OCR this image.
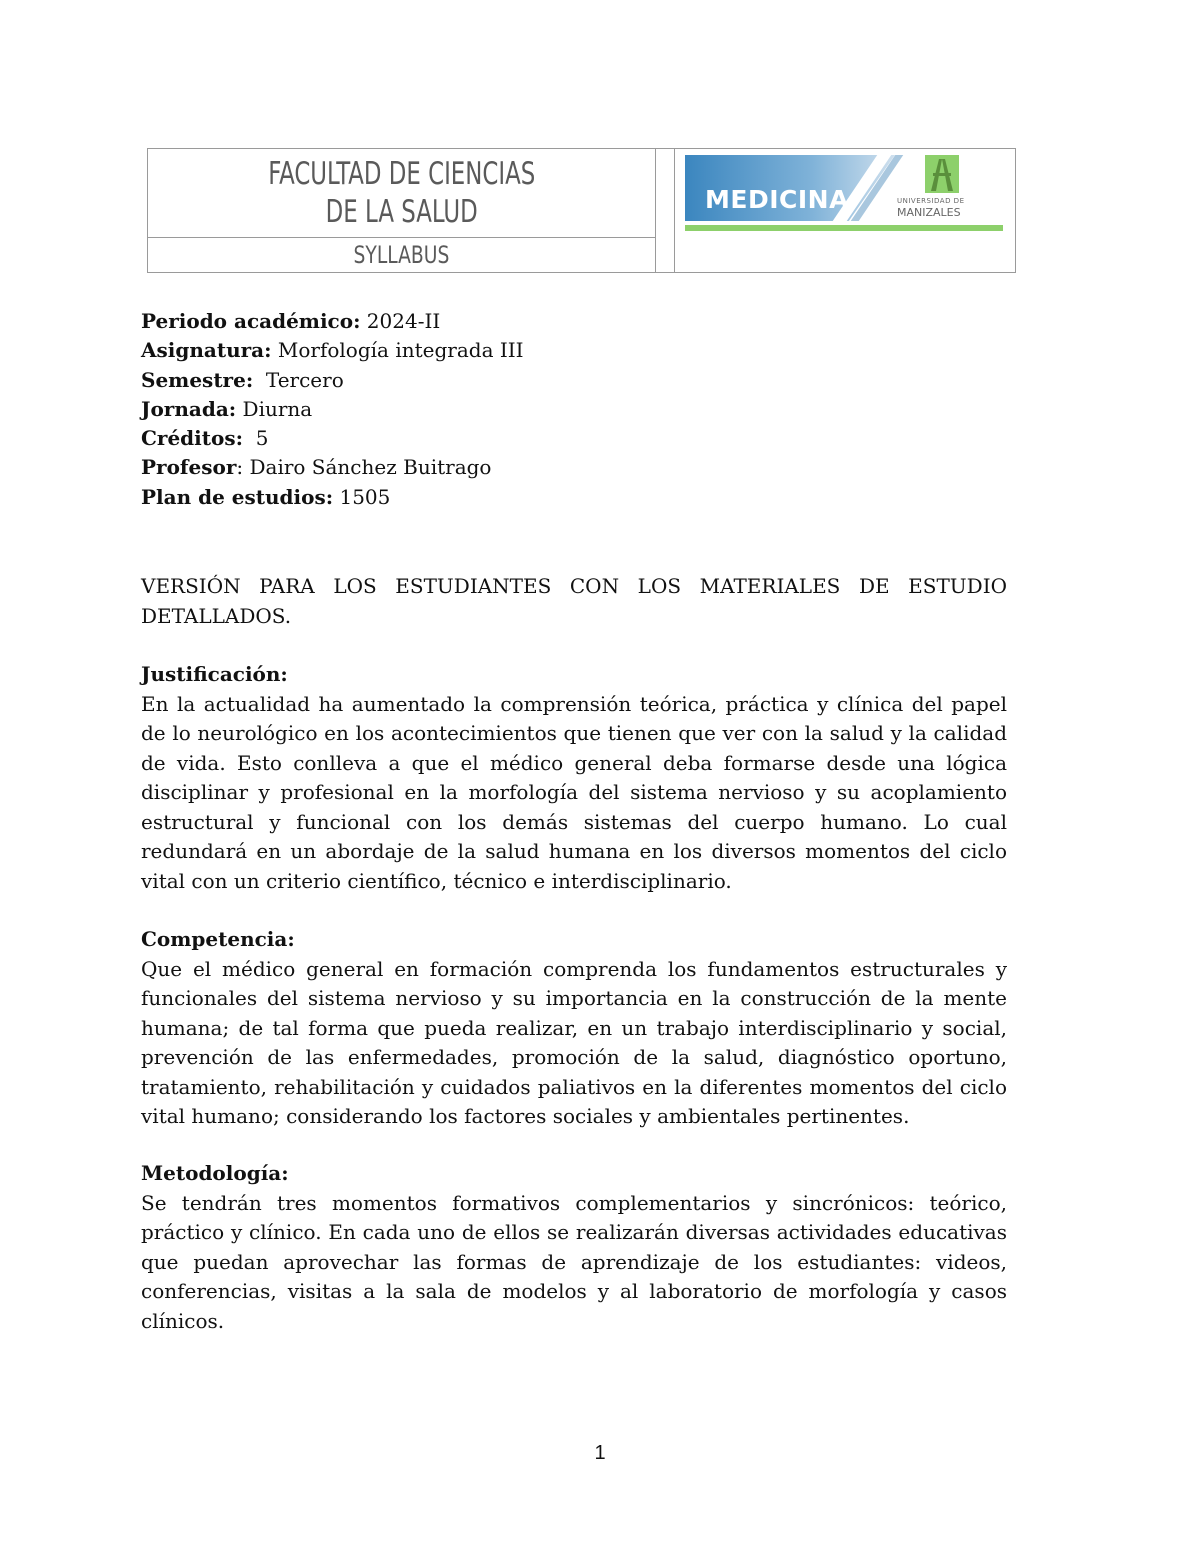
FACULTAD DE CIENCIAS
DE LA SALUD
SYLLABUS
MEDICINA	UNIVERSIDAD DE
MANIZALES
Periodo académico: 2024-II
Asignatura: Morfología integrada III
Semestre:  Tercero
Jornada: Diurna
Créditos:  5
Profesor: Dairo Sánchez Buitrago
Plan de estudios: 1505
VERSIÓN PARA LOS ESTUDIANTES CON LOS MATERIALES DE ESTUDIO DETALLADOS.
Justificación:
En la actualidad ha aumentado la comprensión teórica, práctica y clínica del papel de lo neurológico en los acontecimientos que tienen que ver con la salud y la calidad de vida. Esto conlleva a que el médico general deba formarse desde una lógica disciplinar y profesional en la morfología del sistema nervioso y su acoplamiento estructural y funcional con los demás sistemas del cuerpo humano. Lo cual redundará en un abordaje de la salud humana en los diversos momentos del ciclo vital con un criterio científico, técnico e interdisciplinario.
Competencia:
Que el médico general en formación comprenda los fundamentos estructurales y funcionales del sistema nervioso y su importancia en la construcción de la mente humana; de tal forma que pueda realizar, en un trabajo interdisciplinario y social, prevención de las enfermedades, promoción de la salud, diagnóstico oportuno, tratamiento, rehabilitación y cuidados paliativos en la diferentes momentos del ciclo vital humano; considerando los factores sociales y ambientales pertinentes.
Metodología:
Se tendrán tres momentos formativos complementarios y sincrónicos: teórico, práctico y clínico. En cada uno de ellos se realizarán diversas actividades educativas que puedan aprovechar las formas de aprendizaje de los estudiantes: videos, conferencias, visitas a la sala de modelos y al laboratorio de morfología y casos clínicos.
1
